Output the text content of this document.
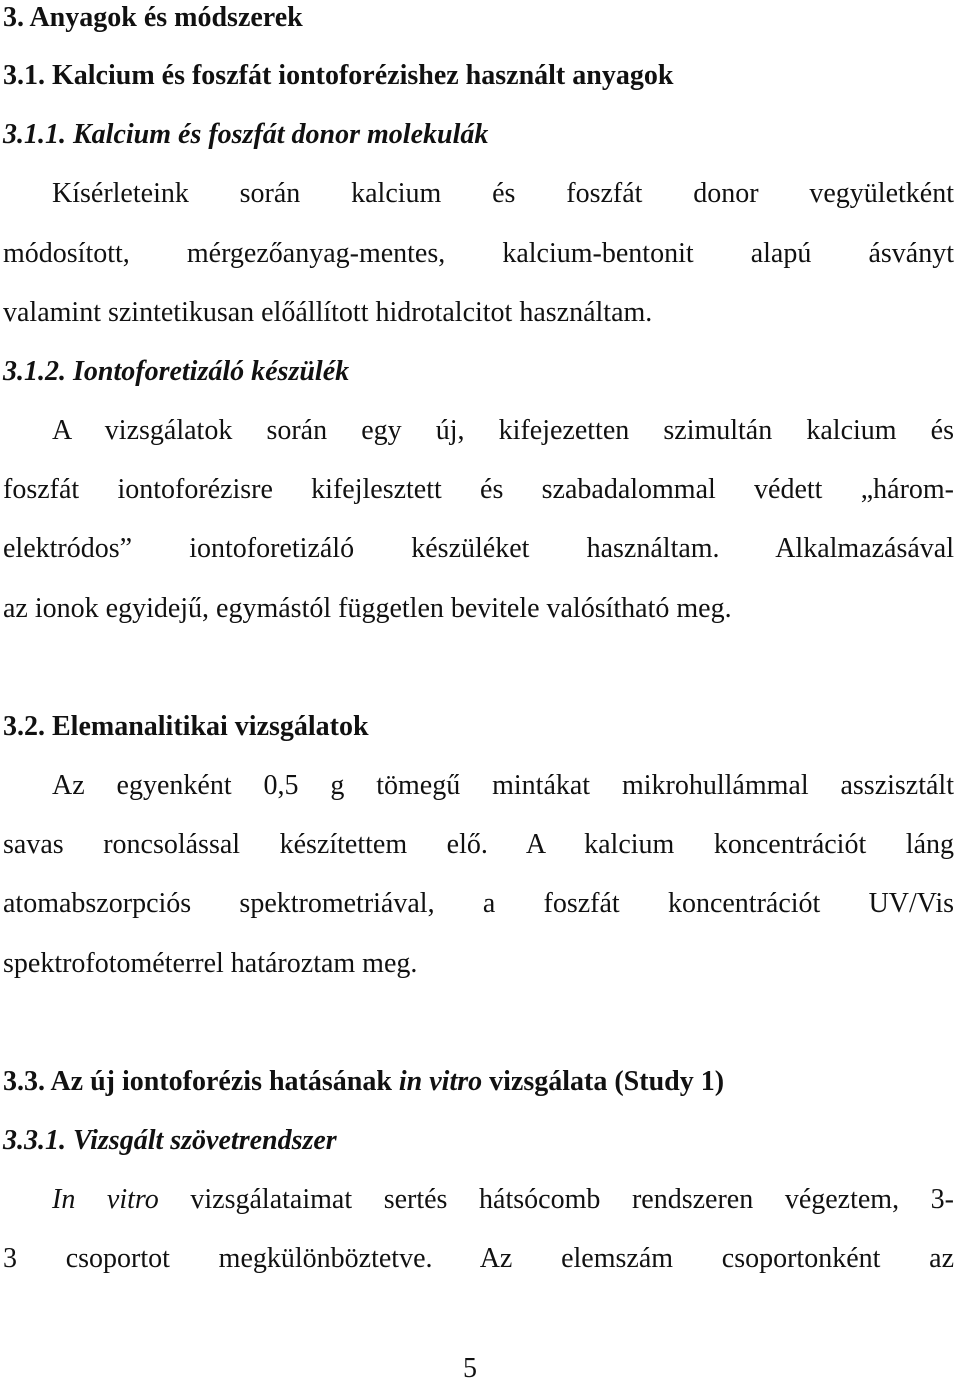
3. Anyagok és módszerek
3.1. Kalcium és foszfát iontoforézishez használt anyagok
3.1.1. Kalcium és foszfát donor molekulák
Kísérleteink során kalcium és foszfát donor vegyületként
módosított, mérgezőanyag-mentes, kalcium-bentonit alapú ásványt
valamint szintetikusan előállított hidrotalcitot használtam.
3.1.2. Iontoforetizáló készülék
A vizsgálatok során egy új, kifejezetten szimultán kalcium és
foszfát iontoforézisre kifejlesztett és szabadalommal védett „három-
elektródos” iontoforetizáló készüléket használtam. Alkalmazásával
az ionok egyidejű, egymástól független bevitele valósítható meg.
3.2. Elemanalitikai vizsgálatok
Az egyenként 0,5 g tömegű mintákat mikrohullámmal asszisztált
savas roncsolással készítettem elő. A kalcium koncentrációt láng
atomabszorpciós spektrometriával, a foszfát koncentrációt UV/Vis
spektrofotométerrel határoztam meg.
3.3. Az új iontoforézis hatásának in vitro vizsgálata (Study 1)
3.3.1. Vizsgált szövetrendszer
In vitro vizsgálataimat sertés hátsócomb rendszeren végeztem, 3-
3 csoportot megkülönböztetve. Az elemszám csoportonként az
5
